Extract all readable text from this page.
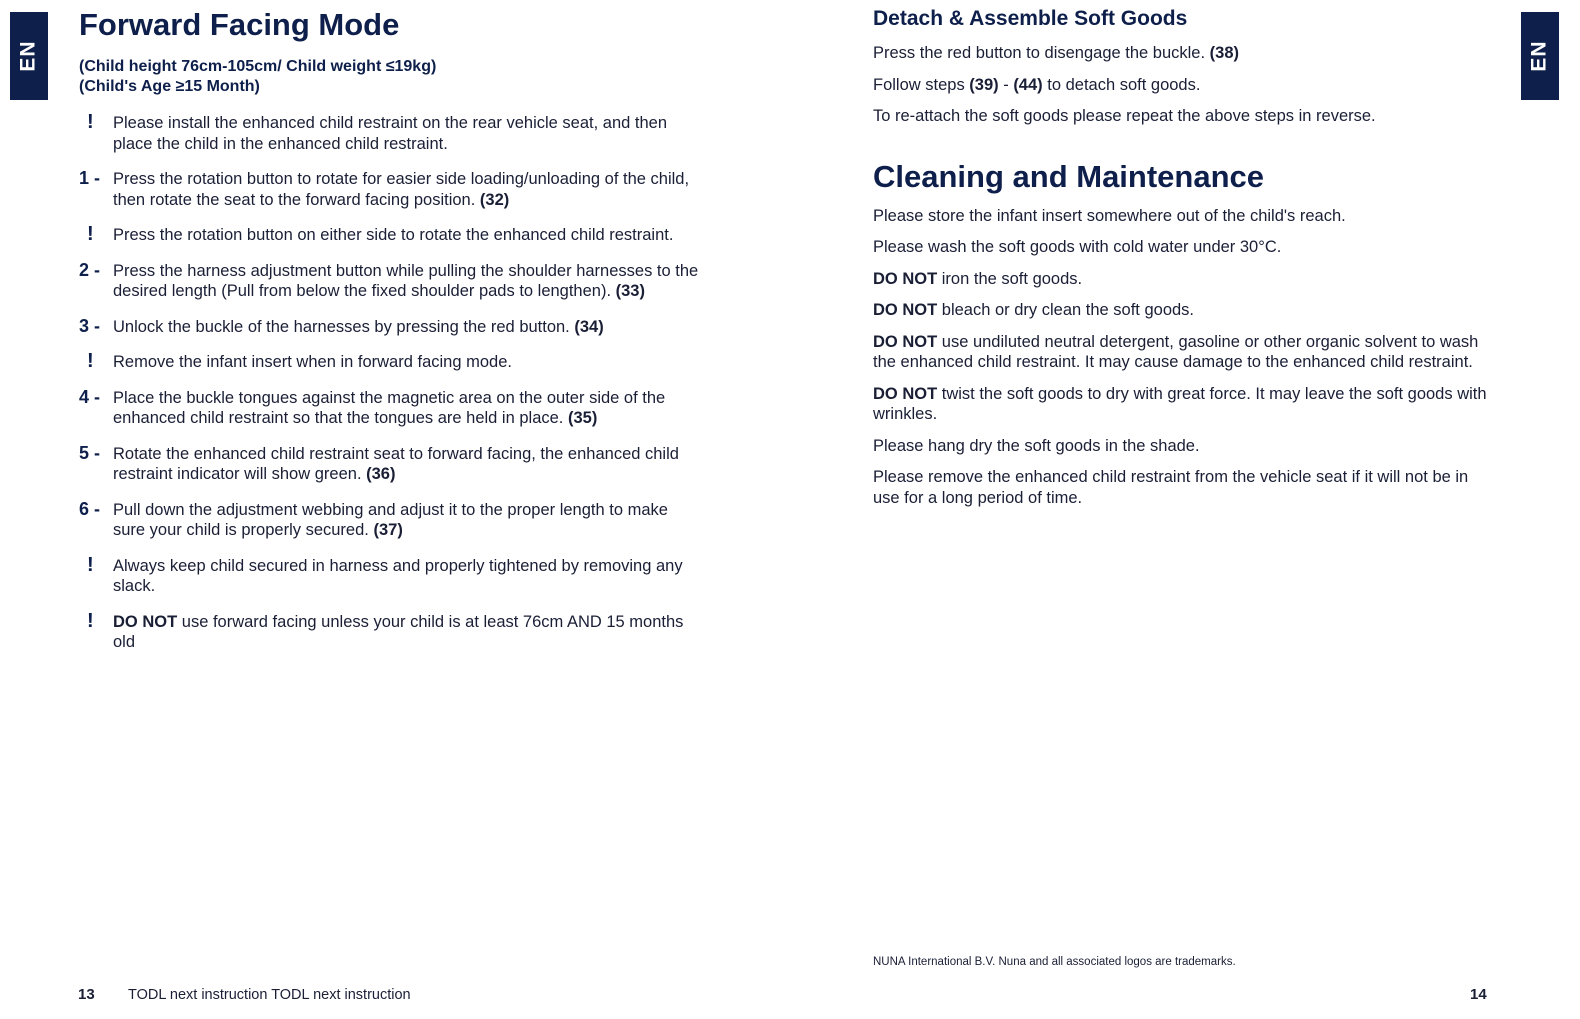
EN	EN
Forward Facing Mode
(Child height 76cm-105cm/ Child weight ≤19kg)
(Child's Age ≥15 Month)
! Please install the enhanced child restraint on the rear vehicle seat, and then place the child in the enhanced child restraint.
1 - Press the rotation button to rotate for easier side loading/unloading of the child, then rotate the seat to the forward facing position. (32)
! Press the rotation button on either side to rotate the enhanced child restraint.
2 - Press the harness adjustment button while pulling the shoulder harnesses to the desired length (Pull from below the fixed shoulder pads to lengthen). (33)
3 - Unlock the buckle of the harnesses by pressing the red button. (34)
! Remove the infant insert when in forward facing mode.
4 - Place the buckle tongues against the magnetic area on the outer side of the enhanced child restraint so that the tongues are held in place. (35)
5 - Rotate the enhanced child restraint seat to forward facing, the enhanced child restraint indicator will show green. (36)
6 - Pull down the adjustment webbing and adjust it to the proper length to make sure your child is properly secured. (37)
! Always keep child secured in harness and properly tightened by removing any slack.
! DO NOT use forward facing unless your child is at least 76cm AND 15 months old
Detach & Assemble Soft Goods

Press the red button to disengage the buckle. (38)

Follow steps (39) - (44) to detach soft goods.

To re-attach the soft goods please repeat the above steps in reverse.

Cleaning and Maintenance

Please store the infant insert somewhere out of the child's reach.

Please wash the soft goods with cold water under 30°C.

DO NOT iron the soft goods.

DO NOT bleach or dry clean the soft goods.

DO NOT use undiluted neutral detergent, gasoline or other organic solvent to wash the enhanced child restraint. It may cause damage to the enhanced child restraint.

DO NOT twist the soft goods to dry with great force. It may leave the soft goods with wrinkles.

Please hang dry the soft goods in the shade.

Please remove the enhanced child restraint from the vehicle seat if it will not be in use for a long period of time.

NUNA International B.V. Nuna and all associated logos are trademarks.
13 TODL next instruction TODL next instruction	14
